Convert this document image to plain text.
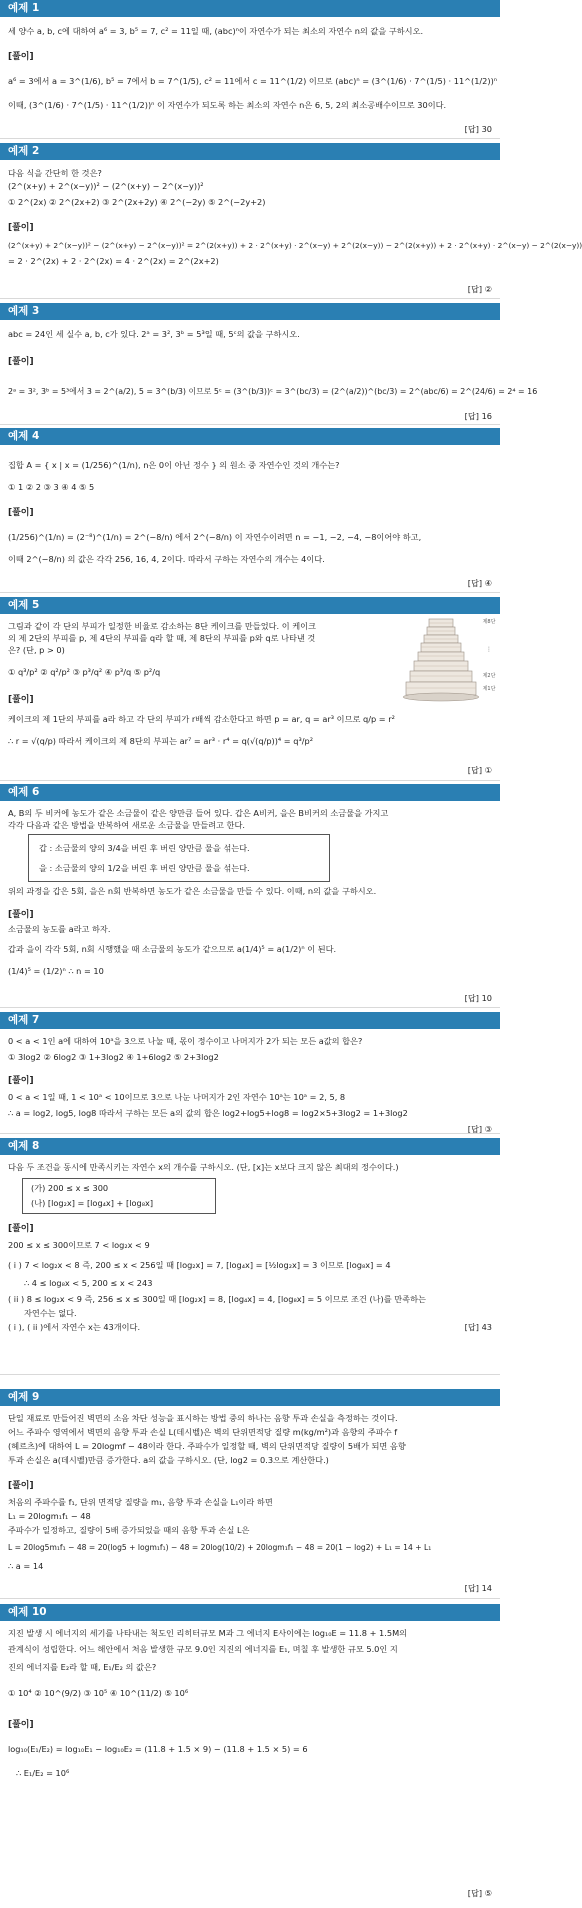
예제 1
세 양수 a, b, c에 대하여 a⁶ = 3, b⁵ = 7, c² = 11일 때, (abc)ⁿ이 자연수가 되는 최소의 자연수 n의 값을 구하시오.
[풀이]
a⁶ = 3에서 a = 3^(1/6), b⁵ = 7에서 b = 7^(1/5), c² = 11에서 c = 11^(1/2) 이므로 (abc)ⁿ = (3^(1/6) · 7^(1/5) · 11^(1/2))ⁿ
이때, (3^(1/6) · 7^(1/5) · 11^(1/2))ⁿ 이 자연수가 되도록 하는 최소의 자연수 n은 6, 5, 2의 최소공배수이므로 30이다.
[답] 30
예제 2
다음 식을 간단히 한 것은?
(2^(x+y) + 2^(x−y))² − (2^(x+y) − 2^(x−y))²
① 2^(2x) ② 2^(2x+2) ③ 2^(2x+2y) ④ 2^(−2y) ⑤ 2^(−2y+2)
[풀이]
(2^(x+y) + 2^(x−y))² − (2^(x+y) − 2^(x−y))² = 2^(2(x+y)) + 2 · 2^(x+y) · 2^(x−y) + 2^(2(x−y)) − 2^(2(x+y)) + 2 · 2^(x+y) · 2^(x−y) − 2^(2(x−y))
= 2 · 2^(2x) + 2 · 2^(2x) = 4 · 2^(2x) = 2^(2x+2)
[답] ②
예제 3
abc = 24인 세 실수 a, b, c가 있다. 2ᵃ = 3², 3ᵇ = 5³일 때, 5ᶜ의 값을 구하시오.
[풀이]
2ᵃ = 3², 3ᵇ = 5³에서 3 = 2^(a/2), 5 = 3^(b/3) 이므로 5ᶜ = (3^(b/3))ᶜ = 3^(bc/3) = (2^(a/2))^(bc/3) = 2^(abc/6) = 2^(24/6) = 2⁴ = 16
[답] 16
예제 4
집합 A = { x | x = (1/256)^(1/n), n은 0이 아닌 정수 } 의 원소 중 자연수인 것의 개수는?
① 1 ② 2 ③ 3 ④ 4 ⑤ 5
[풀이]
(1/256)^(1/n) = (2⁻⁸)^(1/n) = 2^(−8/n) 에서 2^(−8/n) 이 자연수이려면 n = −1, −2, −4, −8이어야 하고,
이때 2^(−8/n) 의 값은 각각 256, 16, 4, 2이다. 따라서 구하는 자연수의 개수는 4이다.
[답] ④
예제 5
그림과 같이 각 단의 부피가 일정한 비율로 감소하는 8단 케이크를 만들었다. 이 케이크
의 제 2단의 부피를 p, 제 4단의 부피를 q라 할 때, 제 8단의 부피를 p와 q로 나타낸 것
은? (단, p > 0)
① q³/p² ② q²/p² ③ p³/q² ④ p³/q ⑤ p²/q
[풀이]
케이크의 제 1단의 부피를 a라 하고 각 단의 부피가 r배씩 감소한다고 하면 p = ar, q = ar³ 이므로 q/p = r²
∴ r = √(q/p) 따라서 케이크의 제 8단의 부피는 ar⁷ = ar³ · r⁴ = q(√(q/p))⁴ = q³/p²
[답] ①
제8단
⋮
제2단
제1단
예제 6
A, B의 두 비커에 농도가 같은 소금물이 같은 양만큼 들어 있다. 갑은 A비커, 을은 B비커의 소금물을 가지고
각각 다음과 같은 방법을 반복하여 새로운 소금물을 만들려고 한다.
갑 : 소금물의 양의 3/4을 버린 후 버린 양만큼 물을 섞는다.
을 : 소금물의 양의 1/2을 버린 후 버린 양만큼 물을 섞는다.
위의 과정을 갑은 5회, 을은 n회 반복하면 농도가 같은 소금물을 만들 수 있다. 이때, n의 값을 구하시오.
[풀이]
소금물의 농도를 a라고 하자.
갑과 을이 각각 5회, n회 시행했을 때 소금물의 농도가 같으므로 a(1/4)⁵ = a(1/2)ⁿ 이 된다.
(1/4)⁵ = (1/2)ⁿ ∴ n = 10
[답] 10
예제 7
0 < a < 1인 a에 대하여 10ᵃ을 3으로 나눌 때, 몫이 정수이고 나머지가 2가 되는 모든 a값의 합은?
① 3log2 ② 6log2 ③ 1+3log2 ④ 1+6log2 ⑤ 2+3log2
[풀이]
0 < a < 1일 때, 1 < 10ᵃ < 10이므로 3으로 나눈 나머지가 2인 자연수 10ᵃ는 10ᵃ = 2, 5, 8
∴ a = log2, log5, log8 따라서 구하는 모든 a의 값의 합은 log2+log5+log8 = log2×5+3log2 = 1+3log2
[답] ③
예제 8
다음 두 조건을 동시에 만족시키는 자연수 x의 개수를 구하시오. (단, [x]는 x보다 크지 않은 최대의 정수이다.)
(가) 200 ≤ x ≤ 300
(나) [log₂x] = [log₄x] + [log₈x]
[풀이]
200 ≤ x ≤ 300이므로 7 < log₂x < 9
( i ) 7 < log₂x < 8 즉, 200 ≤ x < 256일 때 [log₂x] = 7, [log₄x] = [½log₂x] = 3 이므로 [log₈x] = 4
∴ 4 ≤ log₈x < 5, 200 ≤ x < 243
( ii ) 8 ≤ log₂x < 9 즉, 256 ≤ x ≤ 300일 때 [log₂x] = 8, [log₄x] = 4, [log₈x] = 5 이므로 조건 (나)를 만족하는
자연수는 없다.
( i ), ( ii )에서 자연수 x는 43개이다.	[답] 43
예제 9
단일 재료로 만들어진 벽면의 소음 차단 성능을 표시하는 방법 중의 하나는 음향 투과 손실을 측정하는 것이다.
어느 주파수 영역에서 벽면의 음향 투과 손실 L(데시벨)은 벽의 단위면적당 질량 m(kg/m²)과 음향의 주파수 f
(헤르츠)에 대하여 L = 20logmf − 48이라 한다. 주파수가 일정할 때, 벽의 단위면적당 질량이 5배가 되면 음향
투과 손실은 a(데시벨)만큼 증가한다. a의 값을 구하시오. (단, log2 = 0.3으로 계산한다.)
[풀이]
처음의 주파수를 f₁, 단위 면적당 질량을 m₁, 음향 투과 손실을 L₁이라 하면
L₁ = 20logm₁f₁ − 48
주파수가 일정하고, 질량이 5배 증가되었을 때의 음향 투과 손실 L은
L = 20log5m₁f₁ − 48 = 20(log5 + logm₁f₁) − 48 = 20log(10/2) + 20logm₁f₁ − 48 = 20(1 − log2) + L₁ = 14 + L₁
∴ a = 14
[답] 14
예제 10
지진 발생 시 에너지의 세기를 나타내는 척도인 리히터규모 M과 그 에너지 E사이에는 log₁₀E = 11.8 + 1.5M의
관계식이 성립한다. 어느 해안에서 처음 발생한 규모 9.0인 지진의 에너지를 E₁, 며칠 후 발생한 규모 5.0인 지
진의 에너지를 E₂라 할 때, E₁/E₂ 의 값은?
① 10⁴ ② 10^(9/2) ③ 10⁵ ④ 10^(11/2) ⑤ 10⁶
[풀이]
log₁₀(E₁/E₂) = log₁₀E₁ − log₁₀E₂ = (11.8 + 1.5 × 9) − (11.8 + 1.5 × 5) = 6
∴ E₁/E₂ = 10⁶
[답] ⑤
